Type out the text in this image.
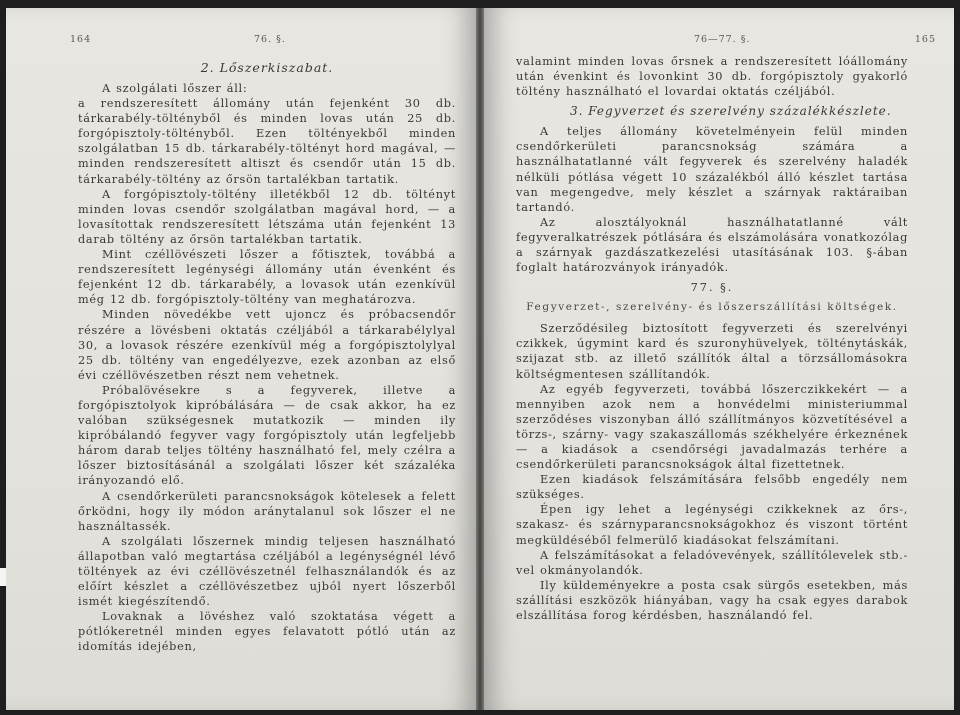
164	76. §.
2. Lőszerkiszabat.

A szolgálati lőszer áll:

a rendszeresített állomány után fejenként 30 db. tárkarabély-töltényből és minden lovas után 25 db. forgópisztoly-töltényből. Ezen töltényekből minden szolgálatban 15 db. tárkarabély-töltényt hord magával, — minden rendszeresített altiszt és csendőr után 15 db. tárkarabély-töltény az őrsön tartalékban tartatik.

A forgópisztoly-töltény illetékből 12 db. töltényt minden lovas csendőr szolgálatban magával hord, — a lovasítottak rendszeresített létszáma után fejenként 13 darab töltény az őrsön tartalékban tartatik.

Mint czéllövészeti lőszer a főtisztek, továbbá a rendszeresített legénységi állomány után évenként és fejenként 12 db. tárkarabély, a lovasok után ezenkívül még 12 db. forgópisztoly-töltény van meghatározva.

Minden növedékbe vett ujoncz és próbacsendőr részére a lövésbeni oktatás czéljából a tárkarabélylyal 30, a lovasok részére ezenkívül még a forgópisztolylyal 25 db. töltény van engedélyezve, ezek azonban az első évi czéllövészetben részt nem vehetnek.

Próbalövésekre s a fegyverek, illetve a forgópisztolyok kipróbálására — de csak akkor, ha ez valóban szükségesnek mutatkozik — minden ily kipróbálandó fegyver vagy forgópisztoly után legfeljebb három darab teljes töltény használható fel, mely czélra a lőszer biztosításánál a szolgálati lőszer két százaléka irányozandó elő.

A csendőrkerületi parancsnokságok kötelesek a felett őrködni, hogy ily módon aránytalanul sok lőszer el ne használtassék.

A szolgálati lőszernek mindig teljesen használható állapotban való megtartása czéljából a legénységnél lévő töltények az évi czéllövészetnél felhasználandók és az előírt készlet a czéllövészetbez ujból nyert lőszerből ismét kiegészítendő.

Lovaknak a lövéshez való szoktatása végett a pótlókeretnél minden egyes felavatott pótló után az idomítás idejében,

76—77. §.	165

valamint minden lovas őrsnek a rendszeresített lóállomány után évenkint és lovonkint 30 db. forgópisztoly gyakorló töltény használható el lovardai oktatás czéljából.

3. Fegyverzet és szerelvény százalékkészlete.

A teljes állomány követelményein felül minden csendőrkerületi parancsnokság számára a használhatatlanné vált fegyverek és szerelvény haladék nélküli pótlása végett 10 százalékból álló készlet tartása van megengedve, mely készlet a szárnyak raktáraiban tartandó.

Az alosztályoknál használhatatlanné vált fegyveralkatrészek pótlására és elszámolására vonatkozólag a szárnyak gazdászatkezelési utasításának 103. §-ában foglalt határozványok irányadók.

77. §.
Fegyverzet-, szerelvény- és lőszerszállítási költségek.

Szerződésileg biztosított fegyverzeti és szerelvényi czikkek, úgymint kard és szuronyhüvelyek, tölténytáskák, szijazat stb. az illető szállítók által a törzsállomásokra költségmentesen szállítandók.

Az egyéb fegyverzeti, továbbá lőszerczikkekért — a mennyiben azok nem a honvédelmi ministeriummal szerződéses viszonyban álló szállítmányos közvetítésével a törzs-, szárny- vagy szakaszállomás székhelyére érkeznének — a kiadások a csendőrségi javadalmazás terhére a csendőrkerületi parancsnokságok által fizettetnek.

Ezen kiadások felszámítására felsőbb engedély nem szükséges.

Épen igy lehet a legénységi czikkeknek az őrs-, szakasz- és szárnyparancsnokságokhoz és viszont történt megküldéséből felmerülő kiadásokat felszámítani.

A felszámításokat a feladóvevények, szállítólevelek stb.-vel okmányolandók.

Ily küldeményekre a posta csak sürgős esetekben, más szállítási eszközök hiányában, vagy ha csak egyes darabok elszállítása forog kérdésben, használandó fel.
